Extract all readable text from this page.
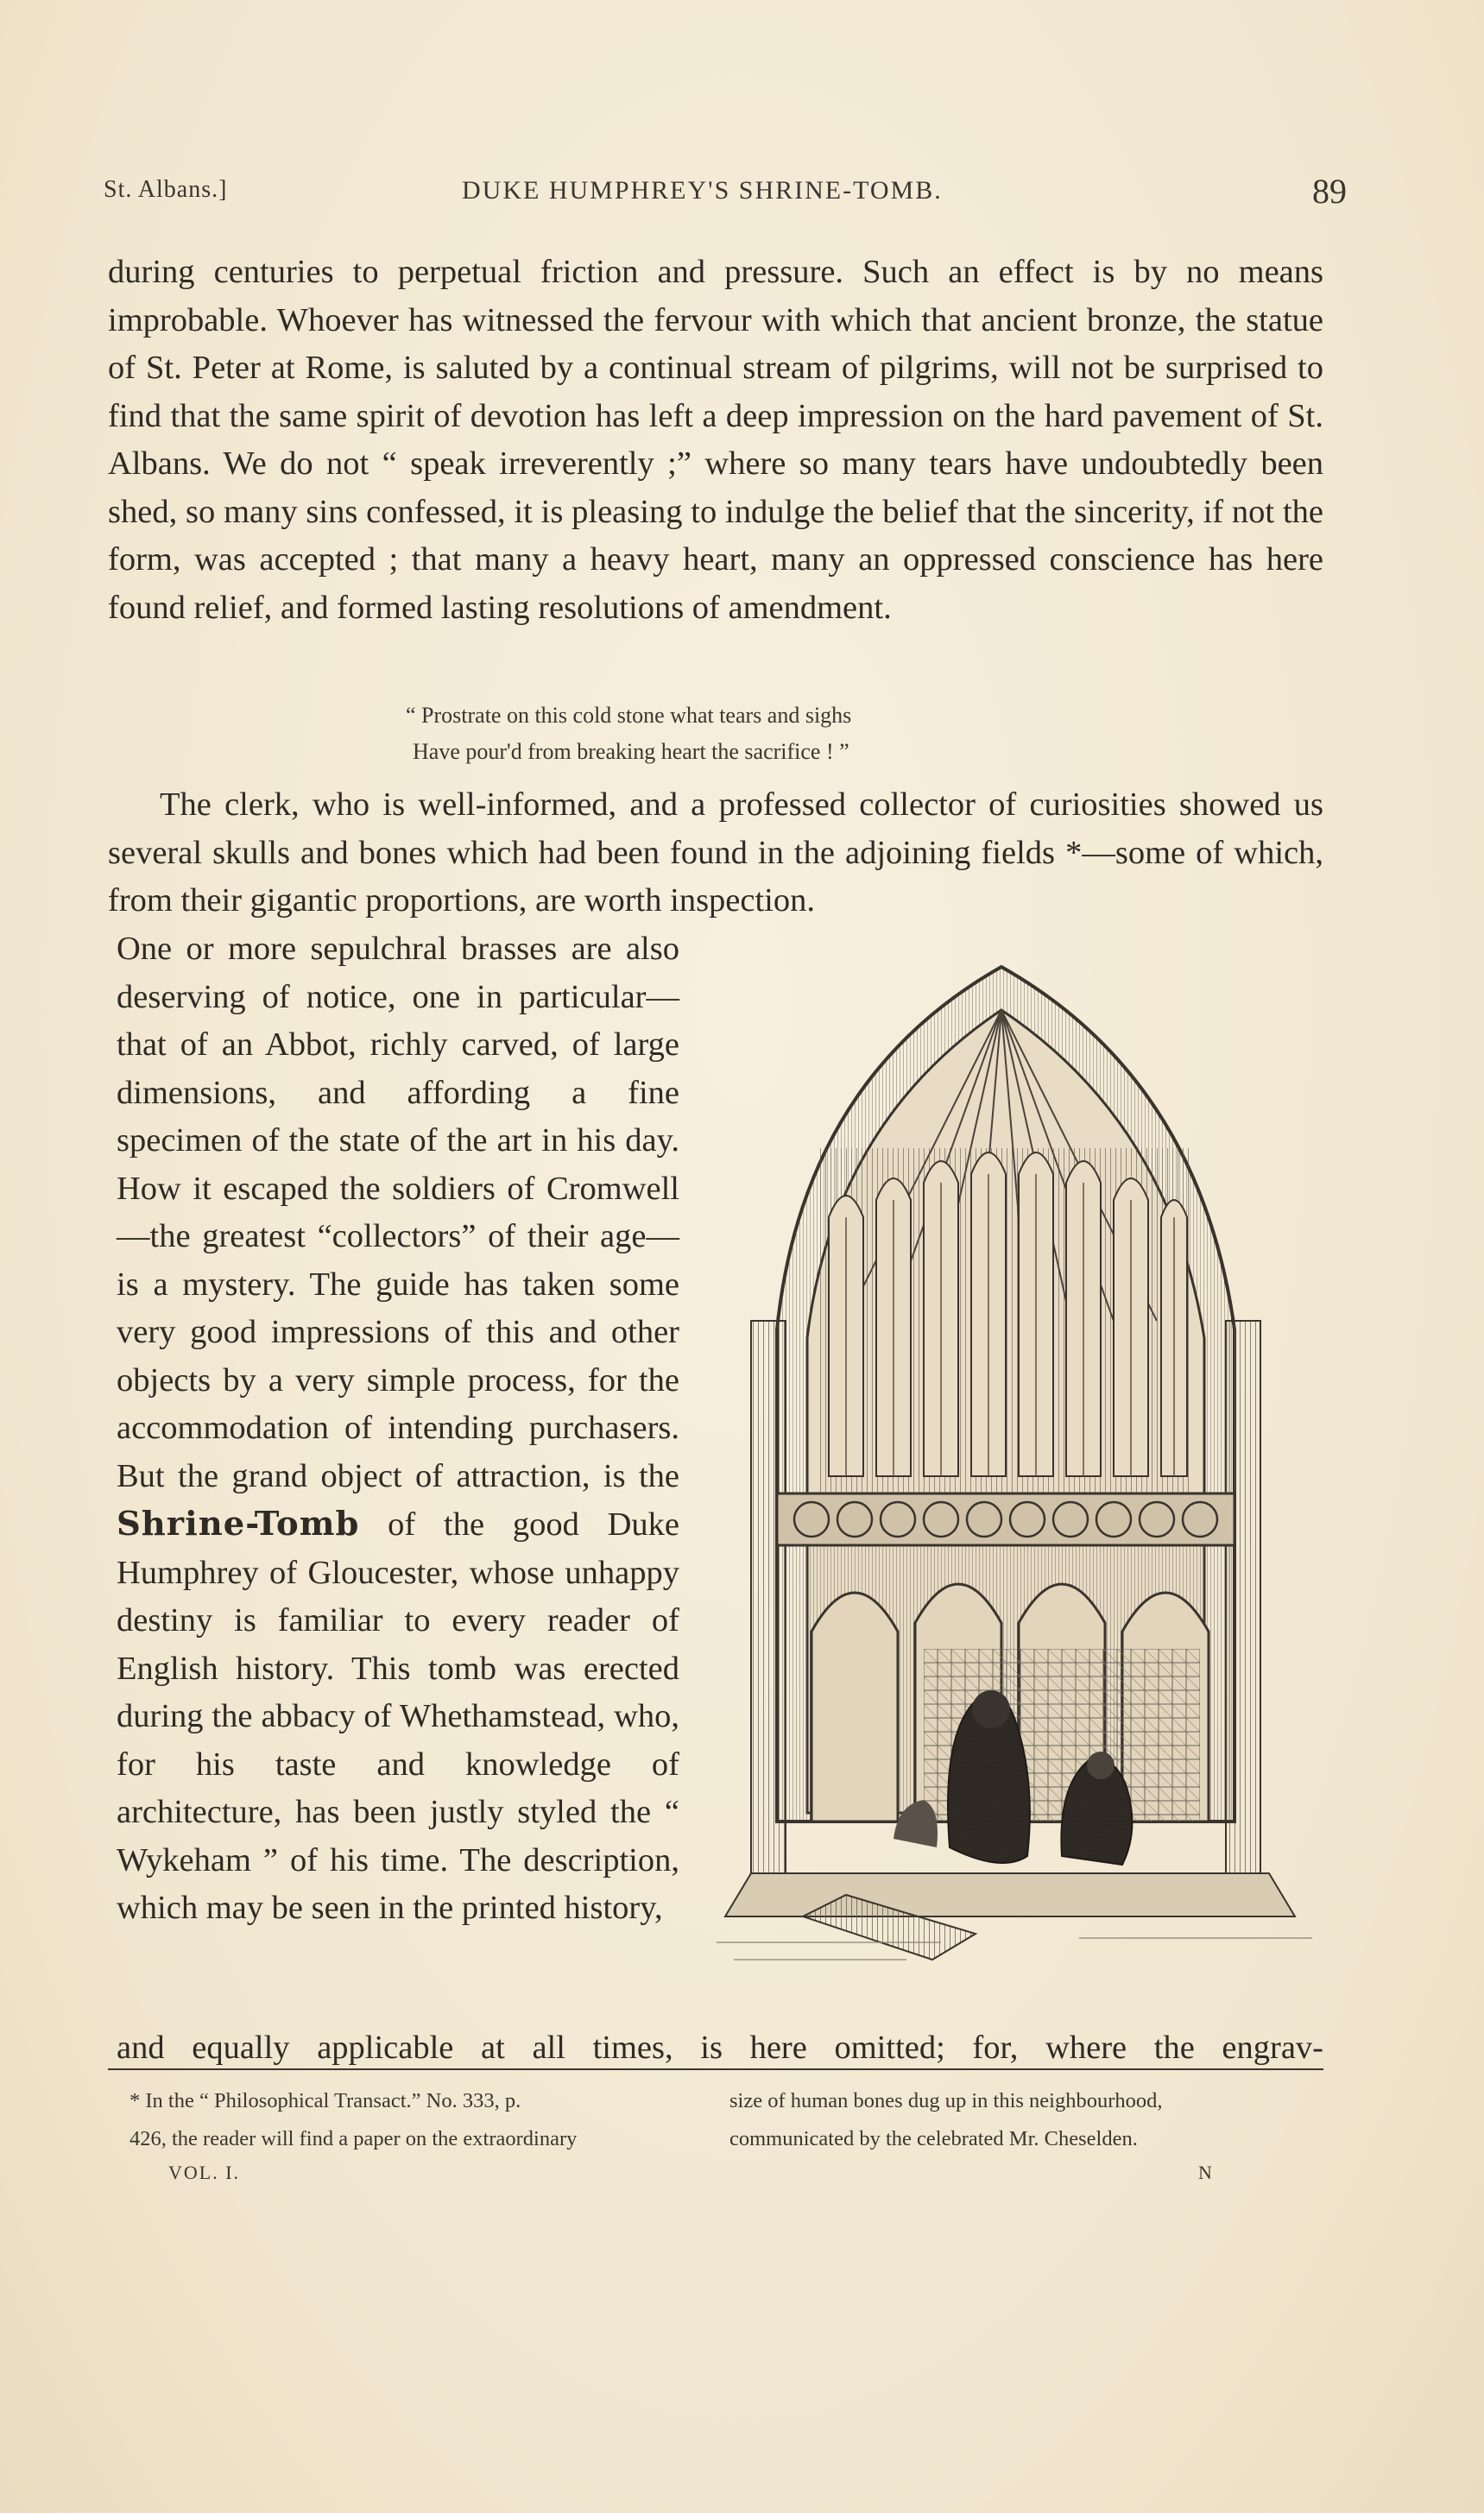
St. Albans.]	DUKE HUMPHREY'S SHRINE-TOMB.	89
during centuries to perpetual friction and pressure. Such an effect is by no means improbable. Whoever has witnessed the fervour with which that ancient bronze, the statue of St. Peter at Rome, is saluted by a continual stream of pilgrims, will not be surprised to find that the same spirit of devotion has left a deep impression on the hard pavement of St. Albans. We do not “ speak irreverently ;” where so many tears have undoubtedly been shed, so many sins confessed, it is pleasing to indulge the belief that the sincerity, if not the form, was accepted ; that many a heavy heart, many an oppressed conscience has here found relief, and formed lasting resolutions of amendment.
“ Prostrate on this cold stone what tears and sighs
Have pour'd from breaking heart the sacrifice ! ”
The clerk, who is well-informed, and a professed collector of curiosities showed us several skulls and bones which had been found in the adjoining fields *—some of which, from their gigantic proportions, are worth inspection.
One or more sepulchral brasses are also deserving of notice, one in particular—that of an Abbot, richly carved, of large dimensions, and affording a fine specimen of the state of the art in his day. How it escaped the soldiers of Cromwell—the greatest “collectors” of their age—is a mystery. The guide has taken some very good impressions of this and other objects by a very simple process, for the accommodation of intending purchasers. But the grand object of attraction, is the Shrine-Tomb of the good Duke Humphrey of Gloucester, whose unhappy destiny is familiar to every reader of English history. This tomb was erected during the abbacy of Whethamstead, who, for his taste and knowledge of architecture, has been justly styled the “ Wykeham ” of his time. The description, which may be seen in the printed history,
and equally applicable at all times, is here omitted; for, where the engrav-
* In the “ Philosophical Transact.” No. 333, p.
426, the reader will find a paper on the extraordinary
size of human bones dug up in this neighbourhood,
communicated by the celebrated Mr. Cheselden.
VOL. I.	N
